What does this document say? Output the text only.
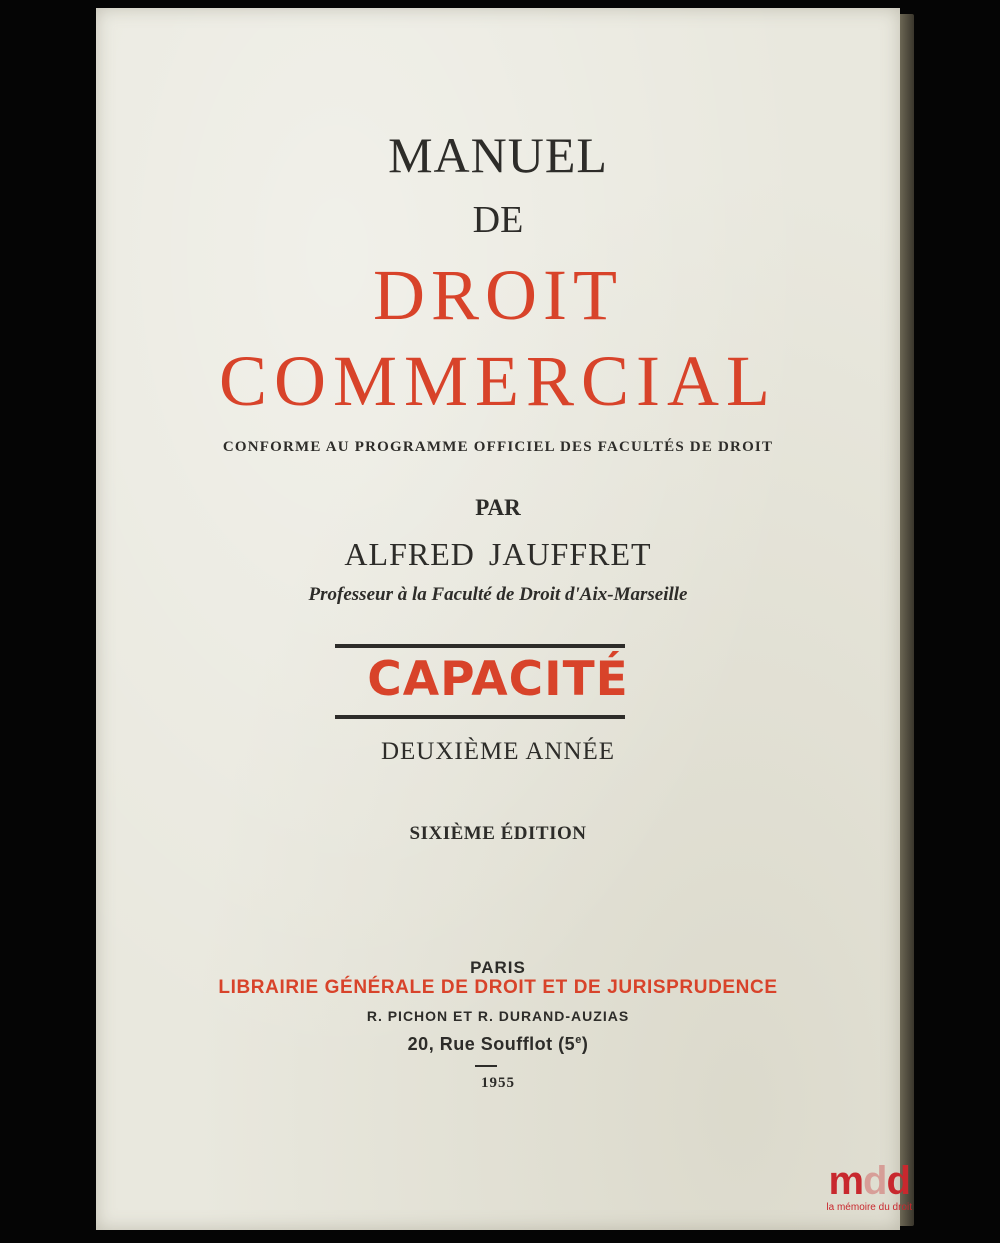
MANUEL
DE
DROIT
COMMERCIAL
CONFORME AU PROGRAMME OFFICIEL DES FACULTÉS DE DROIT
PAR
ALFRED JAUFFRET
Professeur à la Faculté de Droit d'Aix-Marseille
CAPACITÉ
DEUXIÈME ANNÉE
SIXIÈME ÉDITION
PARIS
LIBRAIRIE GÉNÉRALE DE DROIT ET DE JURISPRUDENCE
R. PICHON ET R. DURAND-AUZIAS
20, Rue Soufflot (5e)
1955
mdd
la mémoire du droit
